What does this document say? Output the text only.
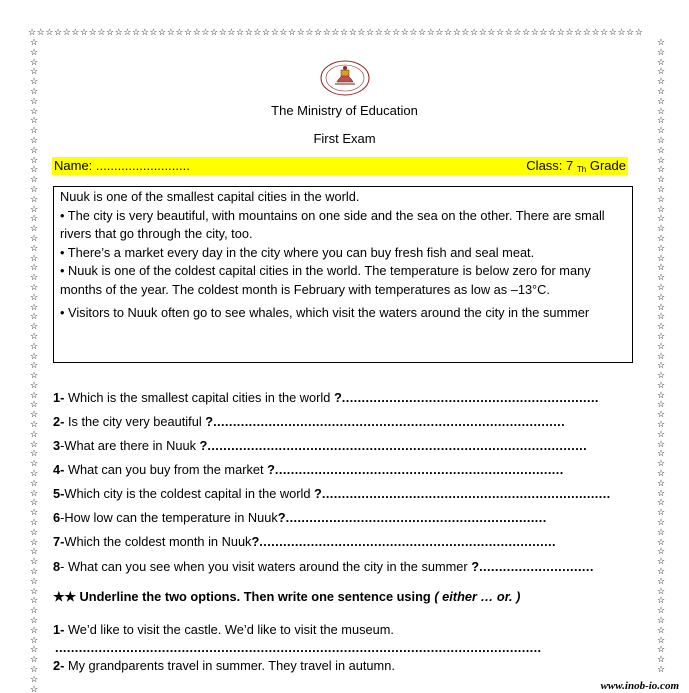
☆☆☆☆☆☆☆☆☆☆☆☆☆☆☆☆☆☆☆☆☆☆☆☆☆☆☆☆☆☆☆☆☆☆☆☆☆☆☆☆☆☆☆☆☆☆☆☆☆☆☆☆☆☆☆☆☆☆☆☆☆☆☆☆☆☆☆☆☆☆☆
☆
☆
☆
☆
☆
☆
☆
☆
☆
☆
☆
☆
☆
☆
☆
☆
☆
☆
☆
☆
☆
☆
☆
☆
☆
☆
☆
☆
☆
☆
☆
☆
☆
☆
☆
☆
☆
☆
☆
☆
☆
☆
☆
☆
☆
☆
☆
☆
☆
☆
☆
☆
☆
☆
☆
☆
☆
☆
☆
☆
☆
☆
☆
☆
☆
☆
☆
☆
☆
☆
☆
☆
☆
☆
☆
☆
☆
☆
☆
☆
☆
☆
☆
☆
☆
☆
☆
☆
☆
☆
☆
☆
☆
☆
☆
☆
☆
☆
☆
☆
☆
☆
☆
☆
☆
☆
☆
☆
☆
☆
☆
☆
☆
☆
☆
☆
☆
☆
☆
☆
☆
☆
☆
☆
☆
☆
☆
☆
☆
☆
☆
☆
The Ministry of Education
First Exam
Name: ..........................	Class: 7 Th Grade

Nuuk is one of the smallest capital cities in the world.

• The city is very beautiful, with mountains on one side and the sea on the other. There are small rivers that go through the city, too.

• There’s a market every day in the city where you can buy fresh fish and seal meat.

• Nuuk is one of the coldest capital cities in the world. The temperature is below zero for many months of the year. The coldest month is February with temperatures as low as –13°C.

• Visitors to Nuuk often go to see whales, which visit the waters around the city in the summer

1- Which is the smallest capital cities in the world ?.................................................................
2- Is the city very beautiful ?.........................................................................................
3-What are there in Nuuk ?................................................................................................
4- What can you buy from the market ?.........................................................................
5-Which city is the coldest capital in the world ?.........................................................................
6-How low can the temperature in Nuuk?..................................................................
7-Which the coldest month in Nuuk?...........................................................................
8- What can you see when you visit waters around the city in the summer ?.............................
★★ Underline the two options. Then write one sentence using ( either … or. )
1- We’d like to visit the castle. We’d like to visit the museum.
...........................................................................................................................
2- My grandparents travel in summer. They travel in autumn.
www.inob-io.com
